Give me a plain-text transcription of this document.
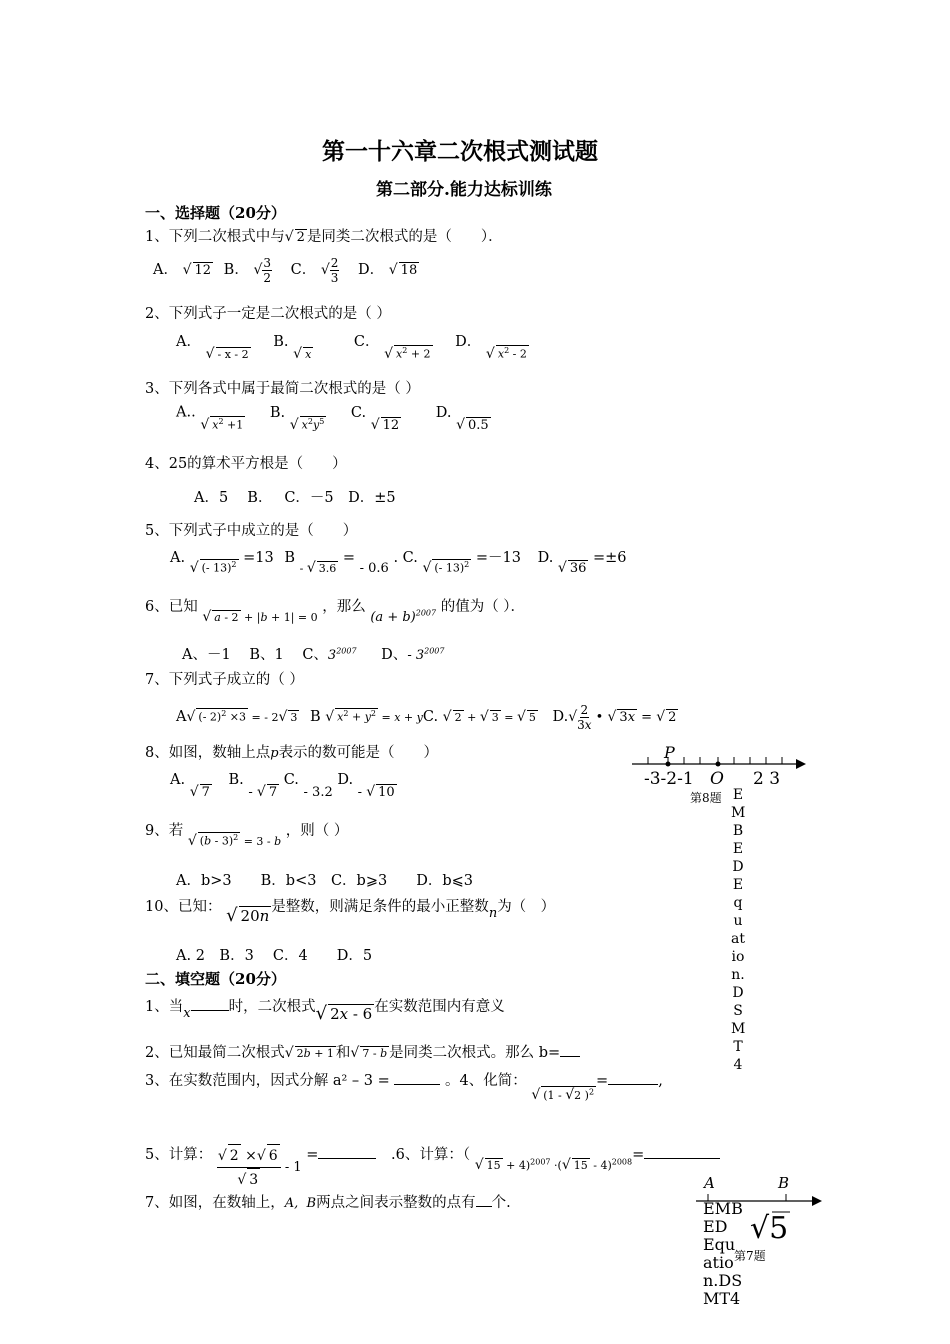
第一十六章二次根式测试题
第二部分.能力达标训练
一、选择题（20分）
1、下列二次根式中与√ 2 是同类二次根式的是（　　）．
A． √ 12 B． √ $\frac{3}{2}$ C． √ $\frac{2}{3}$ D． √ 18
2、下列式子一定是二次根式的是（ ）
A． $_{√ - x - 2}$ B. $_{√ x}$ C． $_{√ x^2 + 2}$ D． $_{√ x^2 - 2}$
3、下列各式中属于最简二次根式的是（ ）
A.. $_{√ x^2 +1}$ B. $_{√ x^2y^5}$ C. √ 12 D. √ 0.5
4、25的算术平方根是（　　）
A．5　 B．　 C．－5　D．±5
5、下列式子中成立的是（　　）
A. $_{√ (- 13)^2}$ =13 B $_{- √ 3.6}$ = - 0.6 . C. $_{√ (- 13)^2}$ =－13 D. √ 36 =±6
6、已知 $_{√ a - 2 + |b + 1| = 0}$ ，那么 $(a + b)^{2007}$ 的值为（ ）．
A、－1 B、1 C、$3^{2007}$ D、- $3^{2007}$
7、下列式子成立的（ ）
A√ (- 2)$^2$ ×3 = - 2√ 3 B √ $x^2 + y^2 = x$ + yC. √ 2 + √ 3 = √ 5 $D.√ \frac{2}{3x}$ • √ 3x = √ 2
8、如图，数轴上点p表示的数可能是（　　）
A. √ 7 B. - √ 7 C. - 3.2 D. - √ 10
P
-3-2-1 O 2 3
第8题 EMBED Equation.DSMT4
9、若 $_{√ (b - 3)^2 = 3 - b}$ ，则（ ）
A．b>3　　B．b<3　C．b⩾3　　D．b⩽3
10、已知： √ 20n 是整数，则满足条件的最小正整数n为（　）
A. 2　B．3　 C．4　　D．5
二、填空题（20分）
1、当x	时，二次根式√ 2x - 6 在实数范围内有意义
2、已知最简二次根式√ 2b + 1 和√ 7 - b 是同类二次根式。那么 b=
3、在实数范围内，因式分解 a² – 3 =	。4、化简： $_{√ (1 - √2 )^2}$=	,
5、计算： $\frac{√ 2 \times√ 6}{√ 3} - 1$ =	.6、计算：（ $_{√ 15 + 4)^{2007} \cdot(√ 15 - 4)^{2008}}$=
7、如图，在数轴上，A,  B两点之间表示整数的点有 个.
A	B
√5
第7题
EMBED Equation.DSMT4
